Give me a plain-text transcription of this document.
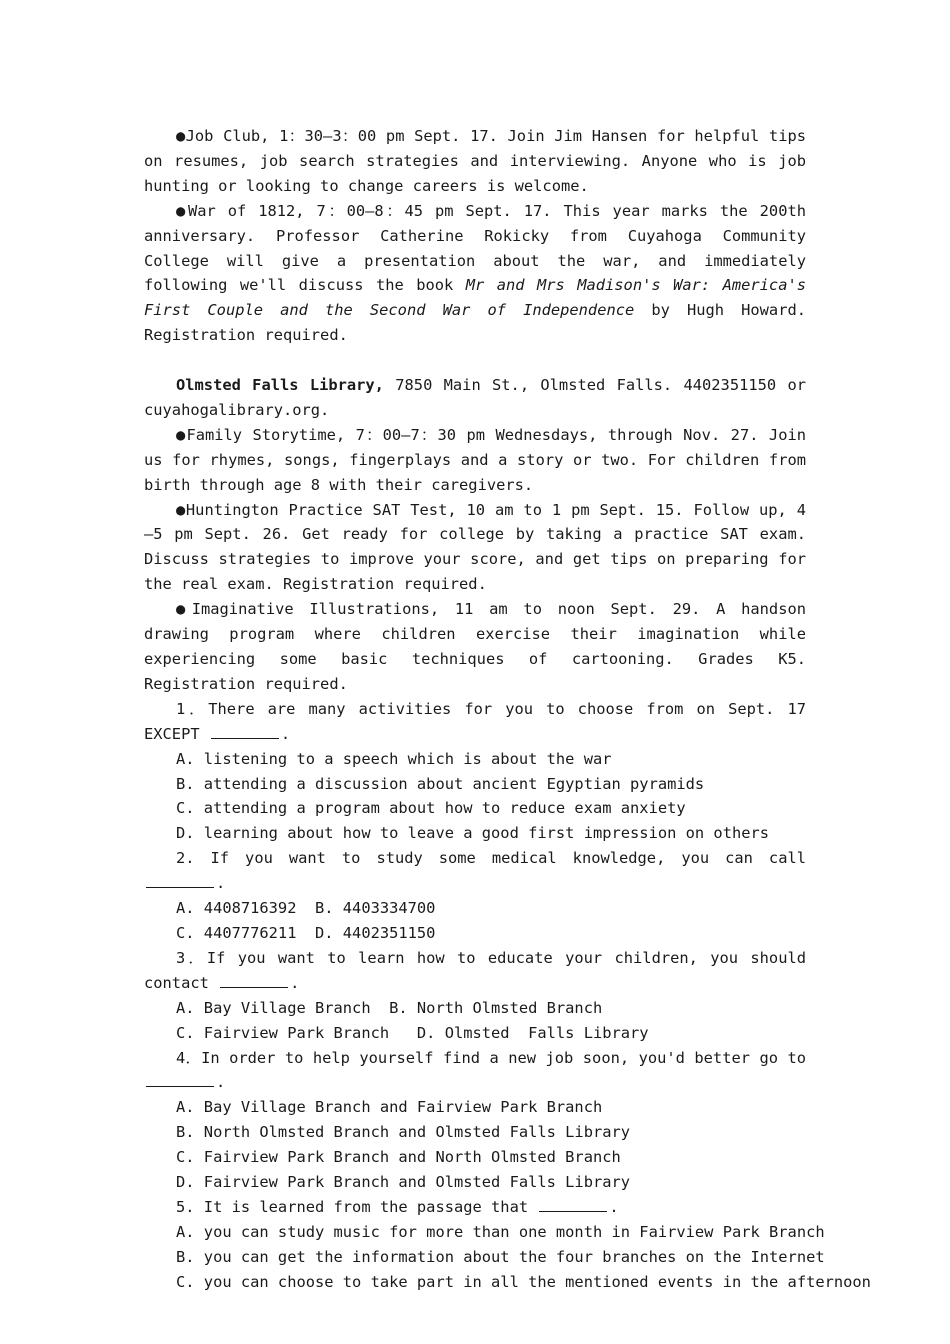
●Job Club, 1：30—3：00 pm Sept. 17. Join Jim Hansen for helpful tips on resumes, job search strategies and interviewing. Anyone who is job hunting or looking to change careers is welcome.

●War of 1812, 7：00—8：45 pm Sept. 17. This year marks the 200th anniversary. Professor Catherine Rokicky from Cuyahoga Community College will give a presentation about the war, and immediately following we'll discuss the book Mr and Mrs Madison's War: America's First Couple and the Second War of Independence by Hugh Howard. Registration required.

Olmsted Falls Library, 7850 Main St., Olmsted Falls. 4402351150 or cuyahogalibrary.org.

●Family Storytime, 7：00—7：30 pm Wednesdays, through Nov. 27. Join us for rhymes, songs, fingerplays and a story or two. For children from birth through age 8 with their caregivers.

●Huntington Practice SAT Test, 10 am to 1 pm Sept. 15. Follow up, 4—5 pm Sept. 26. Get ready for college by taking a practice SAT exam. Discuss strategies to improve your score, and get tips on preparing for the real exam. Registration required.

●Imaginative Illustrations, 11 am to noon Sept. 29. A handson drawing program where children exercise their imagination while experiencing some basic techniques of cartooning. Grades K5. Registration required.

1．There are many activities for you to choose from on Sept. 17 EXCEPT	.

A. listening to a speech which is about the war

B. attending a discussion about ancient Egyptian pyramids

C. attending a program about how to reduce exam anxiety

D. learning about how to leave a good first impression on others

2. If you want to study some medical knowledge, you can call .

A. 4408716392  B. 4403334700

C. 4407776211  D. 4402351150

3．If you want to learn how to educate your children, you should contact	.

A. Bay Village Branch  B. North Olmsted Branch

C. Fairview Park Branch   D. Olmsted  Falls Library

4．In order to help yourself find a new job soon, you'd better go to .

A. Bay Village Branch and Fairview Park Branch

B. North Olmsted Branch and Olmsted Falls Library

C. Fairview Park Branch and North Olmsted Branch

D. Fairview Park Branch and Olmsted Falls Library

5. It is learned from the passage that	.

A. you can study music for more than one month in Fairview Park Branch

B. you can get the information about the four branches on the Internet

C. you can choose to take part in all the mentioned events in the afternoon
